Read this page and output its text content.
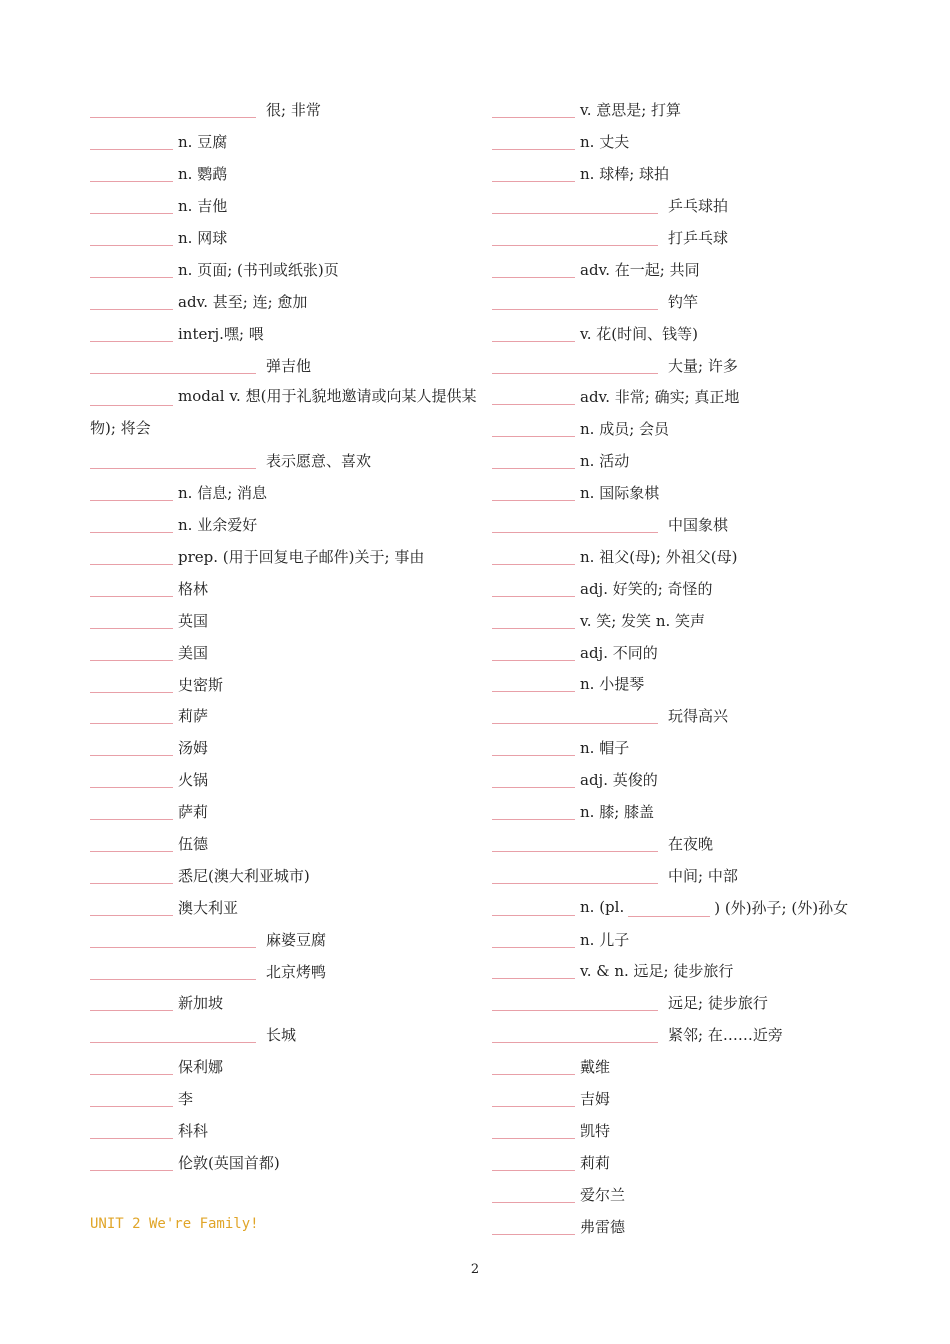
很; 非常
n. 豆腐
n. 鹦鹉
n. 吉他
n. 网球
n. 页面; (书刊或纸张)页
adv. 甚至; 连; 愈加
interj.嘿; 喂
弹吉他
modal v. 想(用于礼貌地邀请或向某人提供某物); 将会
表示愿意、喜欢
n. 信息; 消息
n. 业余爱好
prep. (用于回复电子邮件)关于; 事由
格林
英国
美国
史密斯
莉萨
汤姆
火锅
萨莉
伍德
悉尼(澳大利亚城市)
澳大利亚
麻婆豆腐
北京烤鸭
新加坡
长城
保利娜
李
科科
伦敦(英国首都)
v. 意思是; 打算
n. 丈夫
n. 球棒; 球拍
乒乓球拍
打乒乓球
adv. 在一起; 共同
钓竿
v. 花(时间、钱等)
大量; 许多
adv. 非常; 确实; 真正地
n. 成员; 会员
n. 活动
n. 国际象棋
中国象棋
n. 祖父(母); 外祖父(母)
adj. 好笑的; 奇怪的
v. 笑; 发笑 n. 笑声
adj. 不同的
n. 小提琴
玩得高兴
n. 帽子
adj. 英俊的
n. 膝; 膝盖
在夜晚
中间; 中部
n. (pl.	) (外)孙子; (外)孙女
n. 儿子
v. & n. 远足; 徒步旅行
远足; 徒步旅行
紧邻; 在……近旁
戴维
吉姆
凯特
莉莉
爱尔兰
弗雷德
UNIT 2 We're Family!
2
